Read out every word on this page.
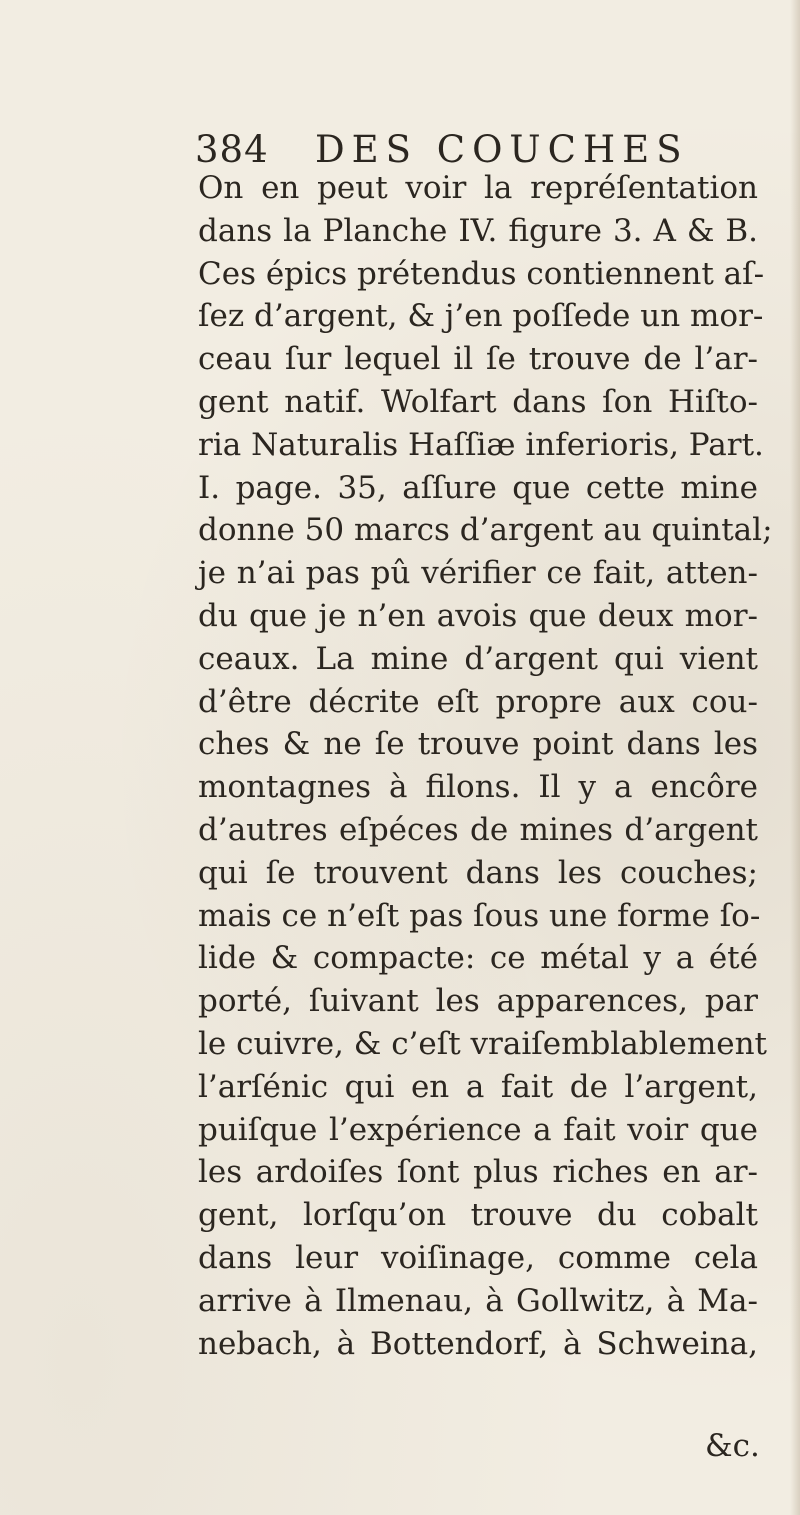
384 DES COUCHES
On en peut voir la repréſentation
dans la Planche IV. figure 3. A & B.
Ces épics prétendus contiennent aſ-
ſez d’argent, & j’en poſſede un mor-
ceau ſur lequel il ſe trouve de l’ar-
gent natif. Wolfart dans ſon Hiſto-
ria Naturalis Haſſiæ inferioris, Part.
I. page. 35, aſſure que cette mine
donne 50 marcs d’argent au quintal;
je n’ai pas pû vérifier ce fait, atten-
du que je n’en avois que deux mor-
ceaux. La mine d’argent qui vient
d’être décrite eſt propre aux cou-
ches & ne ſe trouve point dans les
montagnes à filons. Il y a encôre
d’autres eſpéces de mines d’argent
qui ſe trouvent dans les couches;
mais ce n’eſt pas ſous une forme ſo-
lide & compacte: ce métal y a été
porté, ſuivant les apparences, par
le cuivre, & c’eſt vraiſemblablement
l’arſénic qui en a fait de l’argent,
puiſque l’expérience a fait voir que
les ardoiſes ſont plus riches en ar-
gent, lorſqu’on trouve du cobalt
dans leur voiſinage, comme cela
arrive à Ilmenau, à Gollwitz, à Ma-
nebach, à Bottendorf, à Schweina,
&c.
